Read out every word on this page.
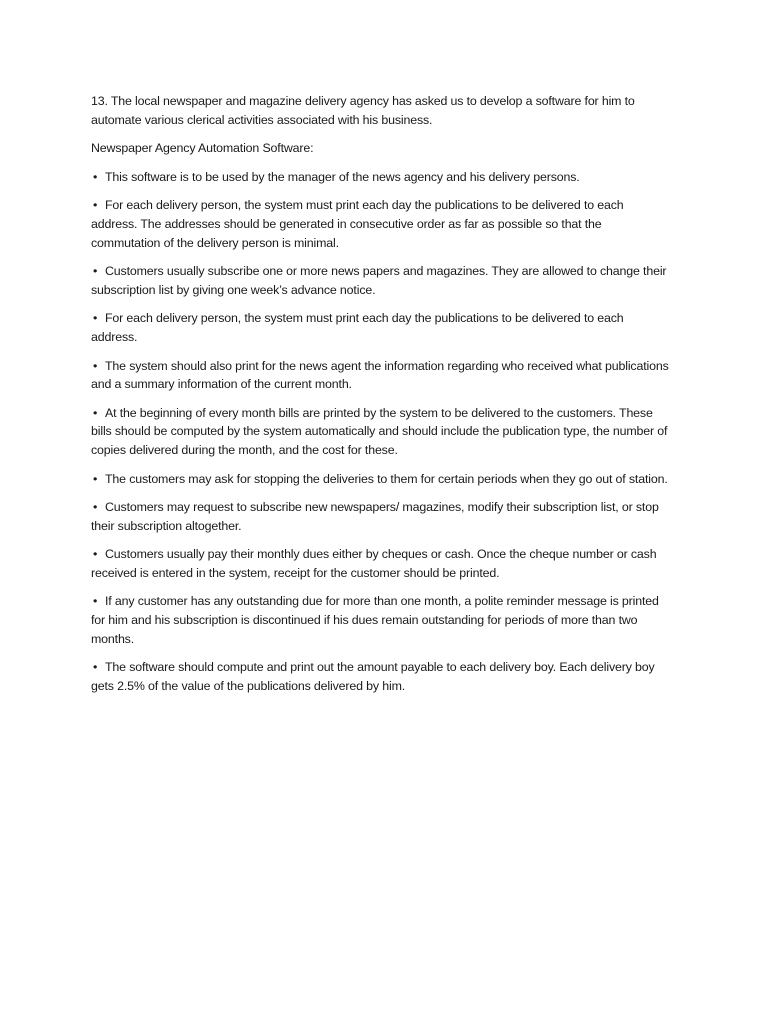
13. The local newspaper and magazine delivery agency has asked us to develop a software for him to automate various clerical activities associated with his business.

Newspaper Agency Automation Software:

• This software is to be used by the manager of the news agency and his delivery persons.

• For each delivery person, the system must print each day the publications to be delivered to each address. The addresses should be generated in consecutive order as far as possible so that the commutation of the delivery person is minimal.

• Customers usually subscribe one or more news papers and magazines. They are allowed to change their subscription list by giving one week’s advance notice.

• For each delivery person, the system must print each day the publications to be delivered to each address.

• The system should also print for the news agent the information regarding who received what publications and a summary information of the current month.

• At the beginning of every month bills are printed by the system to be delivered to the customers. These bills should be computed by the system automatically and should include the publication type, the number of copies delivered during the month, and the cost for these.

• The customers may ask for stopping the deliveries to them for certain periods when they go out of station.

• Customers may request to subscribe new newspapers/ magazines, modify their subscription list, or stop their subscription altogether.

• Customers usually pay their monthly dues either by cheques or cash. Once the cheque number or cash received is entered in the system, receipt for the customer should be printed.

• If any customer has any outstanding due for more than one month, a polite reminder message is printed for him and his subscription is discontinued if his dues remain outstanding for periods of more than two months.

• The software should compute and print out the amount payable to each delivery boy. Each delivery boy gets 2.5% of the value of the publications delivered by him.
